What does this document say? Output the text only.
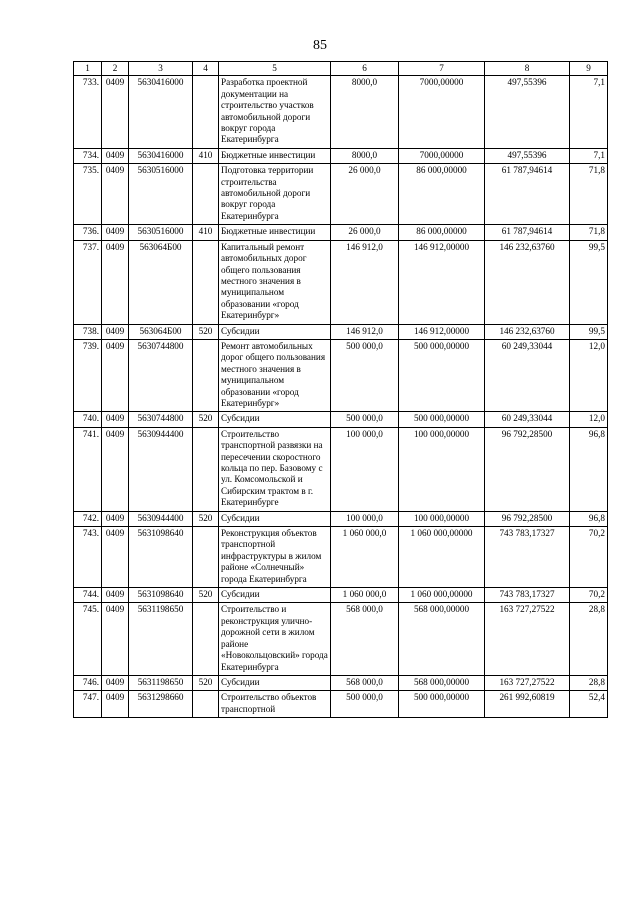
85
1	2	3	4	5	6	7	8	9
733.	0409	5630416000		Разработка проектной документации на строительство участков автомобильной дороги вокруг города Екатеринбурга	8000,0	7000,00000	497,55396	7,1
734.	0409	5630416000	410	Бюджетные инвестиции	8000,0	7000,00000	497,55396	7,1
735.	0409	5630516000		Подготовка территории строительства автомобильной дороги вокруг города Екатеринбурга	26 000,0	86 000,00000	61 787,94614	71,8
736.	0409	5630516000	410	Бюджетные инвестиции	26 000,0	86 000,00000	61 787,94614	71,8
737.	0409	563064Б00		Капитальный ремонт автомобильных дорог общего пользования местного значения в муниципальном образовании «город Екатеринбург»	146 912,0	146 912,00000	146 232,63760	99,5
738.	0409	563064Б00	520	Субсидии	146 912,0	146 912,00000	146 232,63760	99,5
739.	0409	5630744800		Ремонт автомобильных дорог общего пользования местного значения в муниципальном образовании «город Екатеринбург»	500 000,0	500 000,00000	60 249,33044	12,0
740.	0409	5630744800	520	Субсидии	500 000,0	500 000,00000	60 249,33044	12,0
741.	0409	5630944400		Строительство транспортной развязки на пересечении скоростного кольца по пер. Базовому с ул. Комсомольской и Сибирским трактом в г. Екатеринбурге	100 000,0	100 000,00000	96 792,28500	96,8
742.	0409	5630944400	520	Субсидии	100 000,0	100 000,00000	96 792,28500	96,8
743.	0409	5631098640		Реконструкция объектов транспортной инфраструктуры в жилом районе «Солнечный» города Екатеринбурга	1 060 000,0	1 060 000,00000	743 783,17327	70,2
744.	0409	5631098640	520	Субсидии	1 060 000,0	1 060 000,00000	743 783,17327	70,2
745.	0409	5631198650		Строительство и реконструкция улично-дорожной сети в жилом районе «Новокольцовский» города Екатеринбурга	568 000,0	568 000,00000	163 727,27522	28,8
746.	0409	5631198650	520	Субсидии	568 000,0	568 000,00000	163 727,27522	28,8
747.	0409	5631298660		Строительство объектов транспортной	500 000,0	500 000,00000	261 992,60819	52,4
